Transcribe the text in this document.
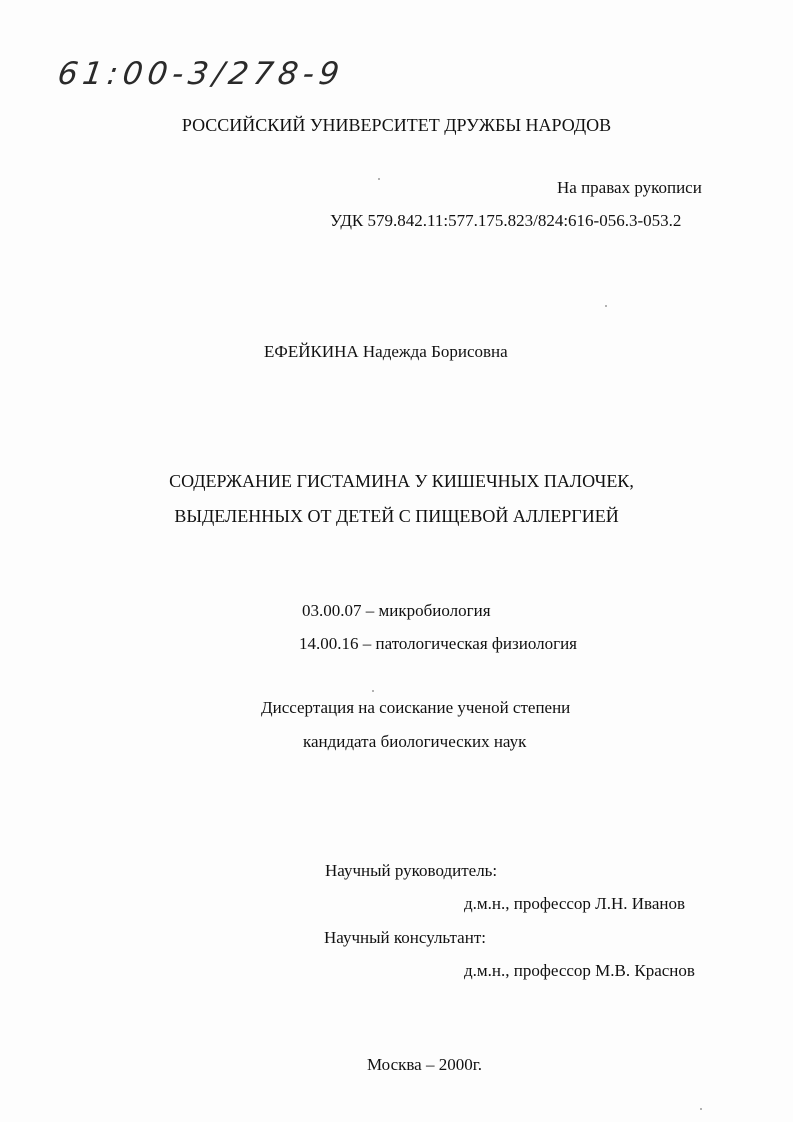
61:00-3/278-9
РОССИЙСКИЙ УНИВЕРСИТЕТ ДРУЖБЫ НАРОДОВ
На правах рукописи
УДК 579.842.11:577.175.823/824:616-056.3-053.2
ЕФЕЙКИНА Надежда Борисовна
СОДЕРЖАНИЕ ГИСТАМИНА У КИШЕЧНЫХ ПАЛОЧЕК,
ВЫДЕЛЕННЫХ ОТ ДЕТЕЙ С ПИЩЕВОЙ АЛЛЕРГИЕЙ
03.00.07 – микробиология
14.00.16 – патологическая физиология
Диссертация на соискание ученой степени
кандидата биологических наук
Научный руководитель:
д.м.н., профессор Л.Н. Иванов
Научный консультант:
д.м.н., профессор М.В. Краснов
Москва – 2000г.
